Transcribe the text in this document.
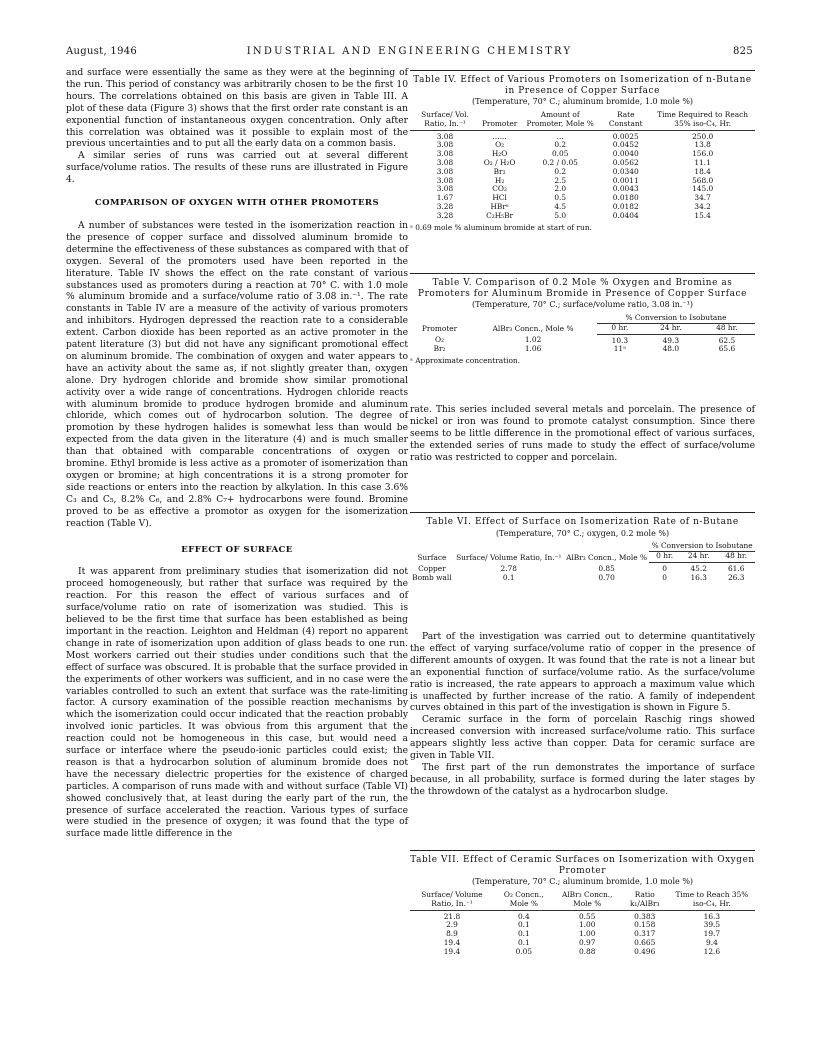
August, 1946	INDUSTRIAL AND ENGINEERING CHEMISTRY	825

and surface were essentially the same as they were at the beginning of the run. This period of constancy was arbitrarily chosen to be the first 10 hours. The correlations obtained on this basis are given in Table III. A plot of these data (Figure 3) shows that the first order rate constant is an exponential function of instantaneous oxygen concentration. Only after this correlation was obtained was it possible to explain most of the previous uncertainties and to put all the early data on a common basis.

A similar series of runs was carried out at several different surface/volume ratios. The results of these runs are illustrated in Figure 4.

COMPARISON OF OXYGEN WITH OTHER PROMOTERS

A number of substances were tested in the isomerization reaction in the presence of copper surface and dissolved aluminum bromide to determine the effectiveness of these substances as compared with that of oxygen. Several of the promoters used have been reported in the literature. Table IV shows the effect on the rate constant of various substances used as promoters during a reaction at 70° C. with 1.0 mole % aluminum bromide and a surface/volume ratio of 3.08 in.⁻¹. The rate constants in Table IV are a measure of the activity of various promoters and inhibitors. Hydrogen depressed the reaction rate to a considerable extent. Carbon dioxide has been reported as an active promoter in the patent literature (3) but did not have any significant promotional effect on aluminum bromide. The combination of oxygen and water appears to have an activity about the same as, if not slightly greater than, oxygen alone. Dry hydrogen chloride and bromide show similar promotional activity over a wide range of concentrations. Hydrogen chloride reacts with aluminum bromide to produce hydrogen bromide and aluminum chloride, which comes out of hydrocarbon solution. The degree of promotion by these hydrogen halides is somewhat less than would be expected from the data given in the literature (4) and is much smaller than that obtained with comparable concentrations of oxygen or bromine. Ethyl bromide is less active as a promoter of isomerization than oxygen or bromine; at high concentrations it is a strong promoter for side reactions or enters into the reaction by alkylation. In this case 3.6% C₃ and C₅, 8.2% C₆, and 2.8% C₇+ hydrocarbons were found. Bromine proved to be as effective a promotor as oxygen for the isomerization reaction (Table V).

EFFECT OF SURFACE

It was apparent from preliminary studies that isomerization did not proceed homogeneously, but rather that surface was required by the reaction. For this reason the effect of various surfaces and of surface/volume ratio on rate of isomerization was studied. This is believed to be the first time that surface has been established as being important in the reaction. Leighton and Heldman (4) report no apparent change in rate of isomerization upon addition of glass beads to one run. Most workers carried out their studies under conditions such that the effect of surface was obscured. It is probable that the surface provided in the experiments of other workers was sufficient, and in no case were the variables controlled to such an extent that surface was the rate-limiting factor. A cursory examination of the possible reaction mechanisms by which the isomerization could occur indicated that the reaction probably involved ionic particles. It was obvious from this argument that the reaction could not be homogeneous in this case, but would need a surface or interface where the pseudo-ionic particles could exist; the reason is that a hydrocarbon solution of aluminum bromide does not have the necessary dielectric properties for the existence of charged particles. A comparison of runs made with and without surface (Table VI) showed conclusively that, at least during the early part of the run, the presence of surface accelerated the reaction. Various types of surface were studied in the presence of oxygen; it was found that the type of surface made little difference in the

Table IV. Effect of Various Promoters on Isomerization of n-Butane in Presence of Copper Surface
(Temperature, 70° C.; aluminum bromide, 1.0 mole %)
Surface/ Vol. Ratio, In.⁻¹	Promoter	Amount of Promoter, Mole %	Rate Constant	Time Required to Reach 35% iso-C₄, Hr.
3.08	......	...	0.0025	250.0
3.08	O₂	0.2	0.0452	13.8
3.08	H₂O	0.05	0.0040	156.0
3.08	O₂ / H₂O	0.2 / 0.05	0.0562	11.1
3.08	Br₂	0.2	0.0340	18.4
3.08	H₂	2.5	0.0011	568.0
3.08	CO₂	2.0	0.0043	145.0
1.67	HCl	0.5	0.0180	34.7
3.28	HBrᵃ	4.5	0.0182	34.2
3.28	C₂H₅Br	5.0	0.0404	15.4
ᵃ 0.69 mole % aluminum bromide at start of run.
Table V. Comparison of 0.2 Mole % Oxygen and Bromine as Promoters for Aluminum Bromide in Presence of Copper Surface
(Temperature, 70° C.; surface/volume ratio, 3.08 in.⁻¹)
Promoter	AlBr₃ Concn., Mole %	% Conversion to Isobutane		
		0 hr.	24 hr.	48 hr.
O₂	1.02	10.3	49.3	62.5
Br₂	1.06	11ᵃ	48.0	65.6
ᵃ Approximate concentration.

rate. This series included several metals and porcelain. The presence of nickel or iron was found to promote catalyst consumption. Since there seems to be little difference in the promotional effect of various surfaces, the extended series of runs made to study the effect of surface/volume ratio was restricted to copper and porcelain.

Table VI. Effect of Surface on Isomerization Rate of n-Butane
(Temperature, 70° C.; oxygen, 0.2 mole %)
Surface	Surface/ Volume Ratio, In.⁻¹	AlBr₃ Concn., Mole %	% Conversion to Isobutane		
			0 hr.	24 hr.	48 hr.
Copper	2.78	0.85	0	45.2	61.6
Bomb wall	0.1	0.70	0	16.3	26.3

Part of the investigation was carried out to determine quantitatively the effect of varying surface/volume ratio of copper in the presence of different amounts of oxygen. It was found that the rate is not a linear but an exponential function of surface/volume ratio. As the surface/volume ratio is increased, the rate appears to approach a maximum value which is unaffected by further increase of the ratio. A family of independent curves obtained in this part of the investigation is shown in Figure 5.

Ceramic surface in the form of porcelain Raschig rings showed increased conversion with increased surface/volume ratio. This surface appears slightly less active than copper. Data for ceramic surface are given in Table VII.

The first part of the run demonstrates the importance of surface because, in all probability, surface is formed during the later stages by the throwdown of the catalyst as a hydrocarbon sludge.

Table VII. Effect of Ceramic Surfaces on Isomerization with Oxygen Promoter
(Temperature, 70° C.; aluminum bromide, 1.0 mole %)
Surface/ Volume Ratio, In.⁻¹	O₂ Concn., Mole %	AlBr₃ Concn., Mole %	Ratio k₁/AlBr₃	Time to Reach 35% iso-C₄, Hr.
21.8	0.4	0.55	0.383	16.3
2.9	0.1	1.00	0.158	39.5
8.9	0.1	1.00	0.317	19.7
19.4	0.1	0.97	0.665	9.4
19.4	0.05	0.88	0.496	12.6
